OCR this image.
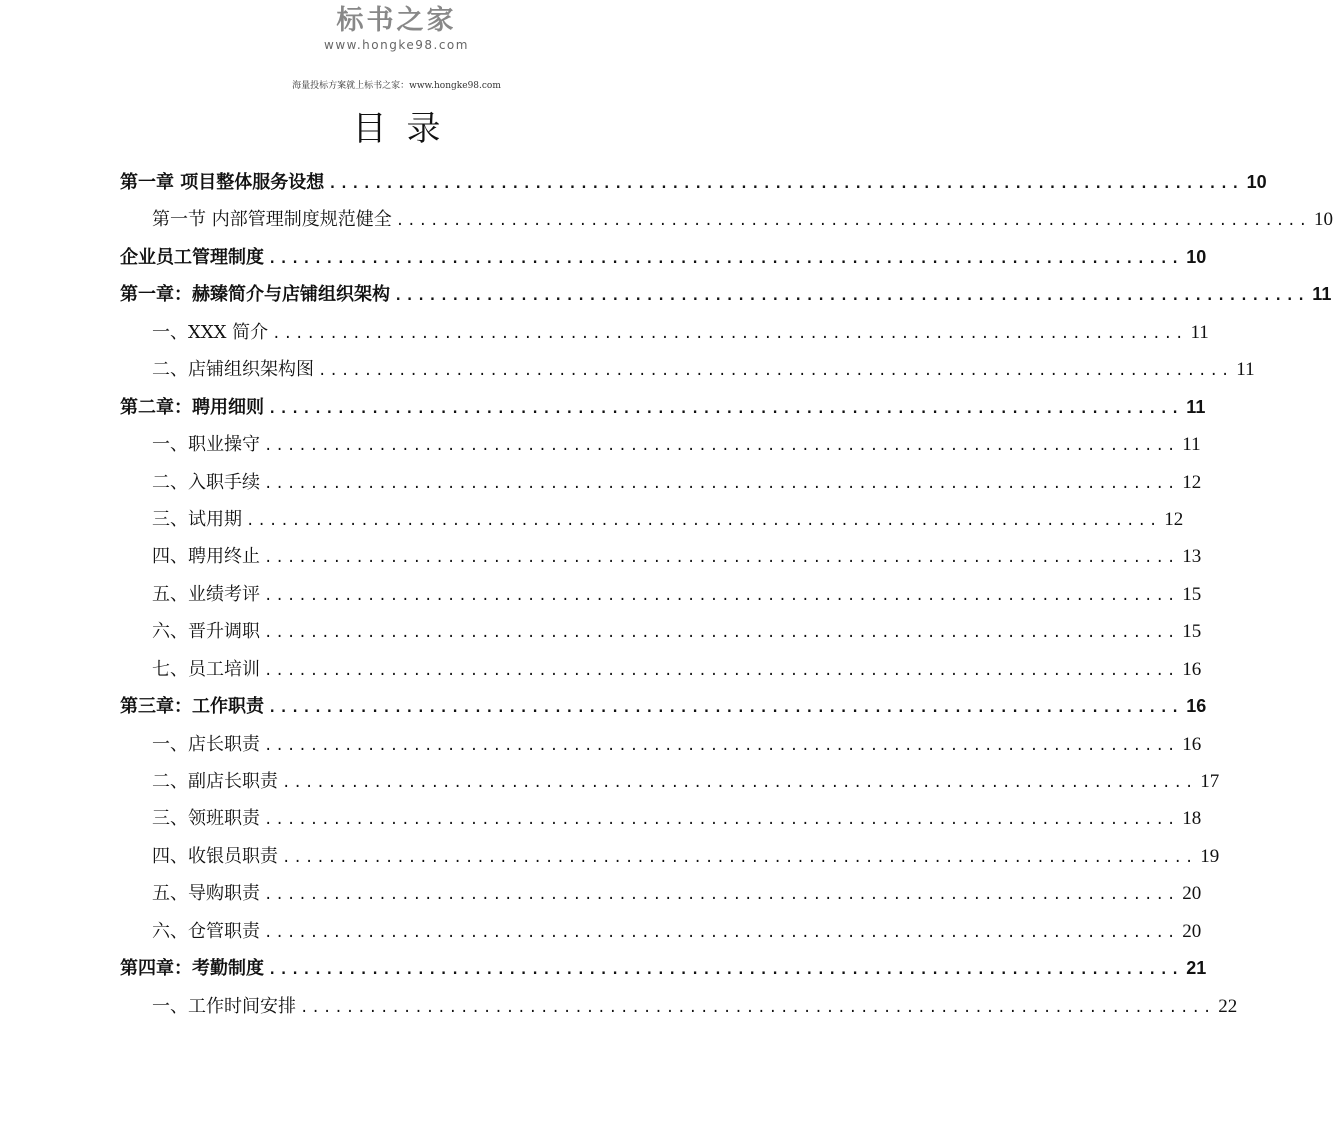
标书之家
www.hongke98.com
海量投标方案就上标书之家：www.hongke98.com
目录
第一章 项目整体服务设想 ................................................................................ 10
第一节 内部管理制度规范健全 ................................................................................ 10
企业员工管理制度 ................................................................................ 10
第一章：赫臻简介与店铺组织架构 ................................................................................ 11
一、XXX 简介 ................................................................................ 11
二、店铺组织架构图 ................................................................................ 11
第二章：聘用细则 ................................................................................ 11
一、职业操守 ................................................................................ 11
二、入职手续 ................................................................................ 12
三、试用期 ................................................................................ 12
四、聘用终止 ................................................................................ 13
五、业绩考评 ................................................................................ 15
六、晋升调职 ................................................................................ 15
七、员工培训 ................................................................................ 16
第三章：工作职责 ................................................................................ 16
一、店长职责 ................................................................................ 16
二、副店长职责 ................................................................................ 17
三、领班职责 ................................................................................ 18
四、收银员职责 ................................................................................ 19
五、导购职责 ................................................................................ 20
六、仓管职责 ................................................................................ 20
第四章：考勤制度 ................................................................................ 21
一、工作时间安排 ................................................................................ 22
